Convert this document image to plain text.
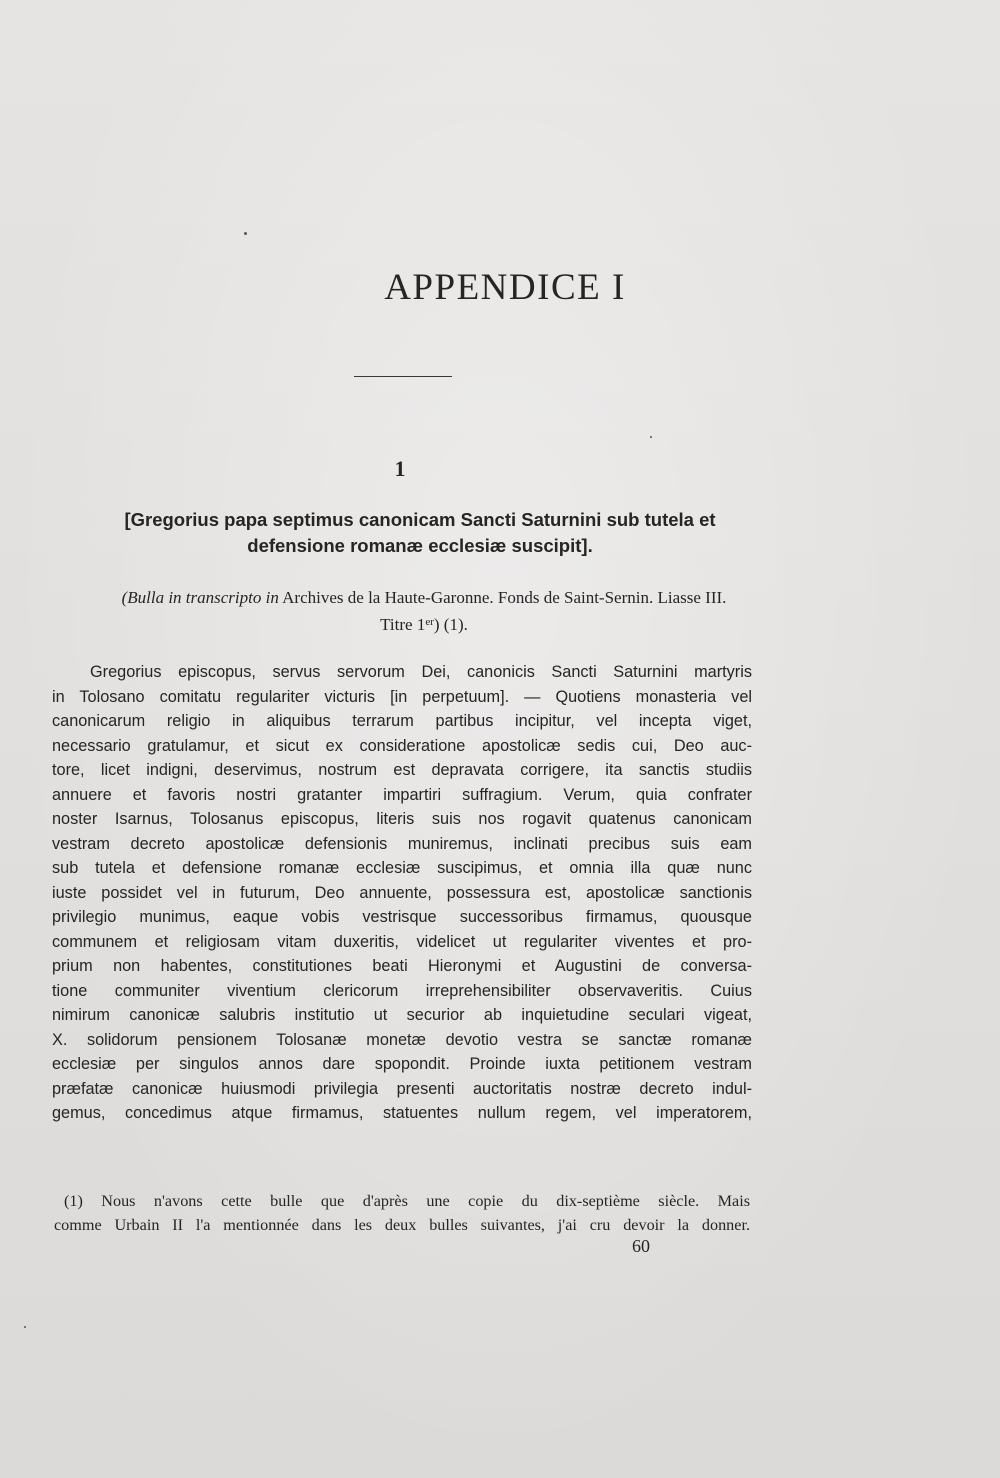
APPENDICE I
1
[Gregorius papa septimus canonicam Sancti Saturnini sub tutela et
defensione romanæ ecclesiæ suscipit].

(Bulla in transcripto in Archives de la Haute-Garonne. Fonds de Saint-Sernin. Liasse III.
Titre 1er) (1).

Gregorius episcopus, servus servorum Dei, canonicis Sancti Saturnini martyris
in Tolosano comitatu regulariter victuris [in perpetuum]. — Quotiens monasteria vel
canonicarum religio in aliquibus terrarum partibus incipitur, vel incepta viget,
necessario gratulamur, et sicut ex consideratione apostolicæ sedis cui, Deo auc-
tore, licet indigni, deservimus, nostrum est depravata corrigere, ita sanctis studiis
annuere et favoris nostri gratanter impartiri suffragium. Verum, quia confrater
noster Isarnus, Tolosanus episcopus, literis suis nos rogavit quatenus canonicam
vestram decreto apostolicæ defensionis muniremus, inclinati precibus suis eam
sub tutela et defensione romanæ ecclesiæ suscipimus, et omnia illa quæ nunc
iuste possidet vel in futurum, Deo annuente, possessura est, apostolicæ sanctionis
privilegio munimus, eaque vobis vestrisque successoribus firmamus, quousque
communem et religiosam vitam duxeritis, videlicet ut regulariter viventes et pro-
prium non habentes, constitutiones beati Hieronymi et Augustini de conversa-
tione communiter viventium clericorum irreprehensibiliter observaveritis. Cuius
nimirum canonicæ salubris institutio ut securior ab inquietudine seculari vigeat,
X. solidorum pensionem Tolosanæ monetæ devotio vestra se sanctæ romanæ
ecclesiæ per singulos annos dare spopondit. Proinde iuxta petitionem vestram
præfatæ canonicæ huiusmodi privilegia presenti auctoritatis nostræ decreto indul-
gemus, concedimus atque firmamus, statuentes nullum regem, vel imperatorem,
(1) Nous n'avons cette bulle que d'après une copie du dix-septième siècle. Mais
comme Urbain II l'a mentionnée dans les deux bulles suivantes, j'ai cru devoir la donner.
60
